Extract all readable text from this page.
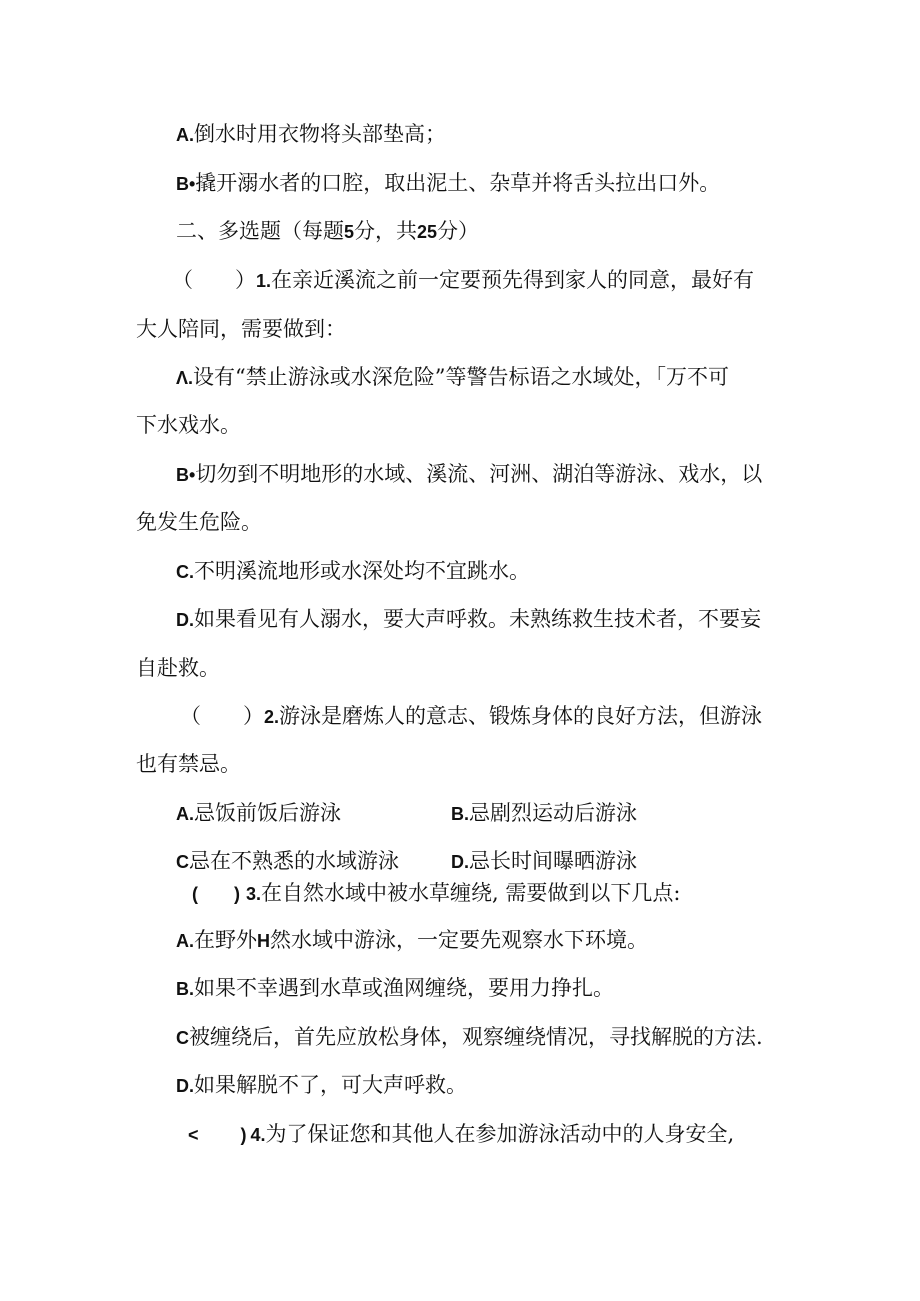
A.倒水时用衣物将头部垫高；
B•撬开溺水者的口腔，取出泥土、杂草并将舌头拉出口外。
二、多选题（每题5分，共25分）
（　　）1.在亲近溪流之前一定要预先得到家人的同意，最好有
大人陪同，需要做到：
Λ.设有“禁止游泳或水深危险”等警告标语之水域处，「万不可
下水戏水。
B•切勿到不明地形的水域、溪流、河洲、湖泊等游泳、戏水，以
免发生危险。
C.不明溪流地形或水深处均不宜跳水。
D.如果看见有人溺水，要大声呼救。未熟练救生技术者，不要妄
自赴救。
（　　）2.游泳是磨炼人的意志、锻炼身体的良好方法，但游泳
也有禁忌。
A.忌饭前饭后游泳	B.忌剧烈运动后游泳
C忌在不熟悉的水域游泳	D.忌长时间曝晒游泳
(　　) 3.在自然水域中被水草缠绕, 需要做到以下几点:
A.在野外H然水域中游泳，一定要先观察水下环境。
B.如果不幸遇到水草或渔网缠绕，要用力挣扎。
C被缠绕后，首先应放松身体，观察缠绕情况，寻找解脱的方法.
D.如果解脱不了，可大声呼救。
< ) 4.为了保证您和其他人在参加游泳活动中的人身安全,
